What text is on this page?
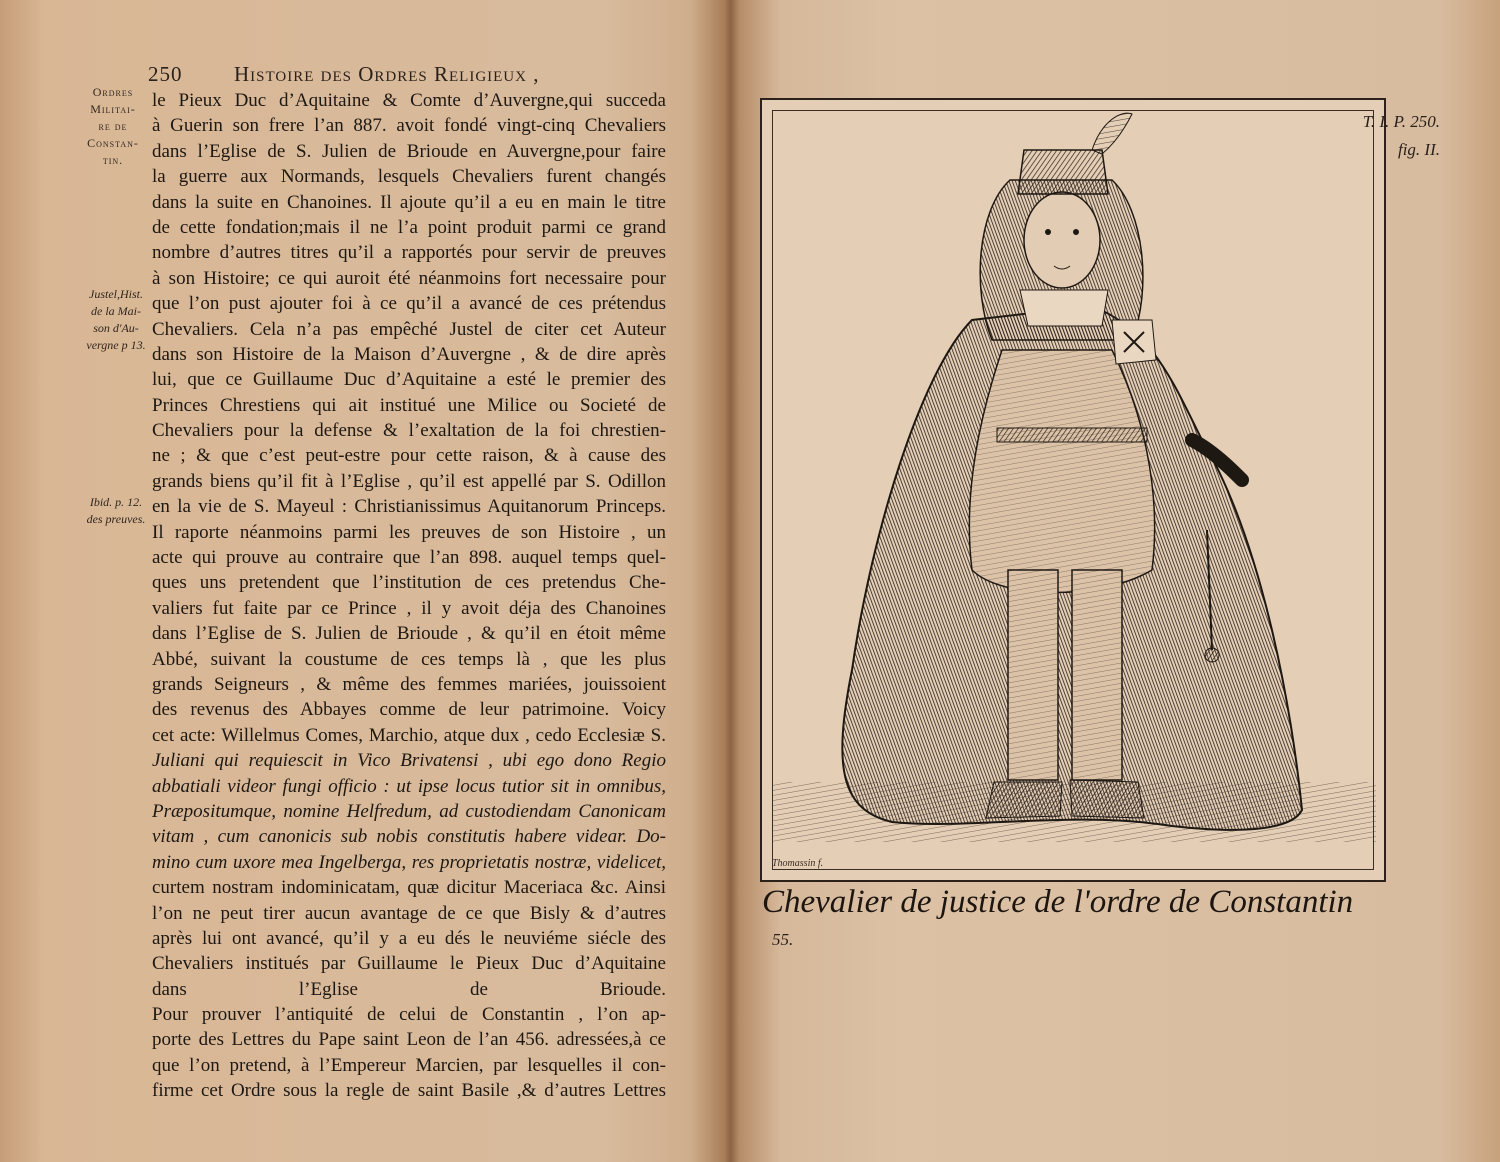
250 Histoire des Ordres Religieux ,
Ordres
Militai-
re de
Constan-
tin.
Justel,Hist.
de la Mai-
son d'Au-
vergne p 13.
Ibid. p. 12.
des preuves.
le Pieux Duc d’Aquitaine & Comte d’Auvergne,qui succeda
à Guerin son frere l’an 887. avoit fondé vingt-cinq Chevaliers
dans l’Eglise de S. Julien de Brioude en Auvergne,pour faire
la guerre aux Normands, lesquels Chevaliers furent changés
dans la suite en Chanoines. Il ajoute qu’il a eu en main le titre
de cette fondation;mais il ne l’a point produit parmi ce grand
nombre d’autres titres qu’il a rapportés pour servir de preuves
à son Histoire; ce qui auroit été néanmoins fort necessaire pour
que l’on pust ajouter foi à ce qu’il a avancé de ces prétendus
Chevaliers. Cela n’a pas empêché Justel de citer cet Auteur
dans son Histoire de la Maison d’Auvergne , & de dire après
lui, que ce Guillaume Duc d’Aquitaine a esté le premier des
Princes Chrestiens qui ait institué une Milice ou Societé de
Chevaliers pour la defense & l’exaltation de la foi chrestien-
ne ; & que c’est peut-estre pour cette raison, & à cause des
grands biens qu’il fit à l’Eglise , qu’il est appellé par S. Odillon
en la vie de S. Mayeul : Christianissimus Aquitanorum Princeps.
Il raporte néanmoins parmi les preuves de son Histoire , un
acte qui prouve au contraire que l’an 898. auquel temps quel-
ques uns pretendent que l’institution de ces pretendus Che-
valiers fut faite par ce Prince , il y avoit déja des Chanoines
dans l’Eglise de S. Julien de Brioude , & qu’il en étoit même
Abbé, suivant la coustume de ces temps là , que les plus
grands Seigneurs , & même des femmes mariées, jouissoient
des revenus des Abbayes comme de leur patrimoine. Voicy
cet acte: Willelmus Comes, Marchio, atque dux , cedo Ecclesiæ S.
Juliani qui requiescit in Vico Brivatensi , ubi ego dono Regio
abbatiali videor fungi officio : ut ipse locus tutior sit in omnibus,
Præpositumque, nomine Helfredum, ad custodiendam Canonicam
vitam , cum canonicis sub nobis constitutis habere videar. Do-
mino cum uxore mea Ingelberga, res proprietatis nostræ, videlicet,
curtem nostram indominicatam, quæ dicitur Maceriaca &c. Ainsi
l’on ne peut tirer aucun avantage de ce que Bisly & d’autres
après lui ont avancé, qu’il y a eu dés le neuviéme siécle des
Chevaliers institués par Guillaume le Pieux Duc d’Aquitaine
dans l’Eglise de Brioude.
Pour prouver l’antiquité de celui de Constantin , l’on ap-
porte des Lettres du Pape saint Leon de l’an 456. adressées,à ce
que l’on pretend, à l’Empereur Marcien, par lesquelles il con-
firme cet Ordre sous la regle de saint Basile ,& d’autres Lettres
T. I. P. 250.
fig. II.
Thomassin f.
Chevalier de justice de l'ordre de Constantin
55.
